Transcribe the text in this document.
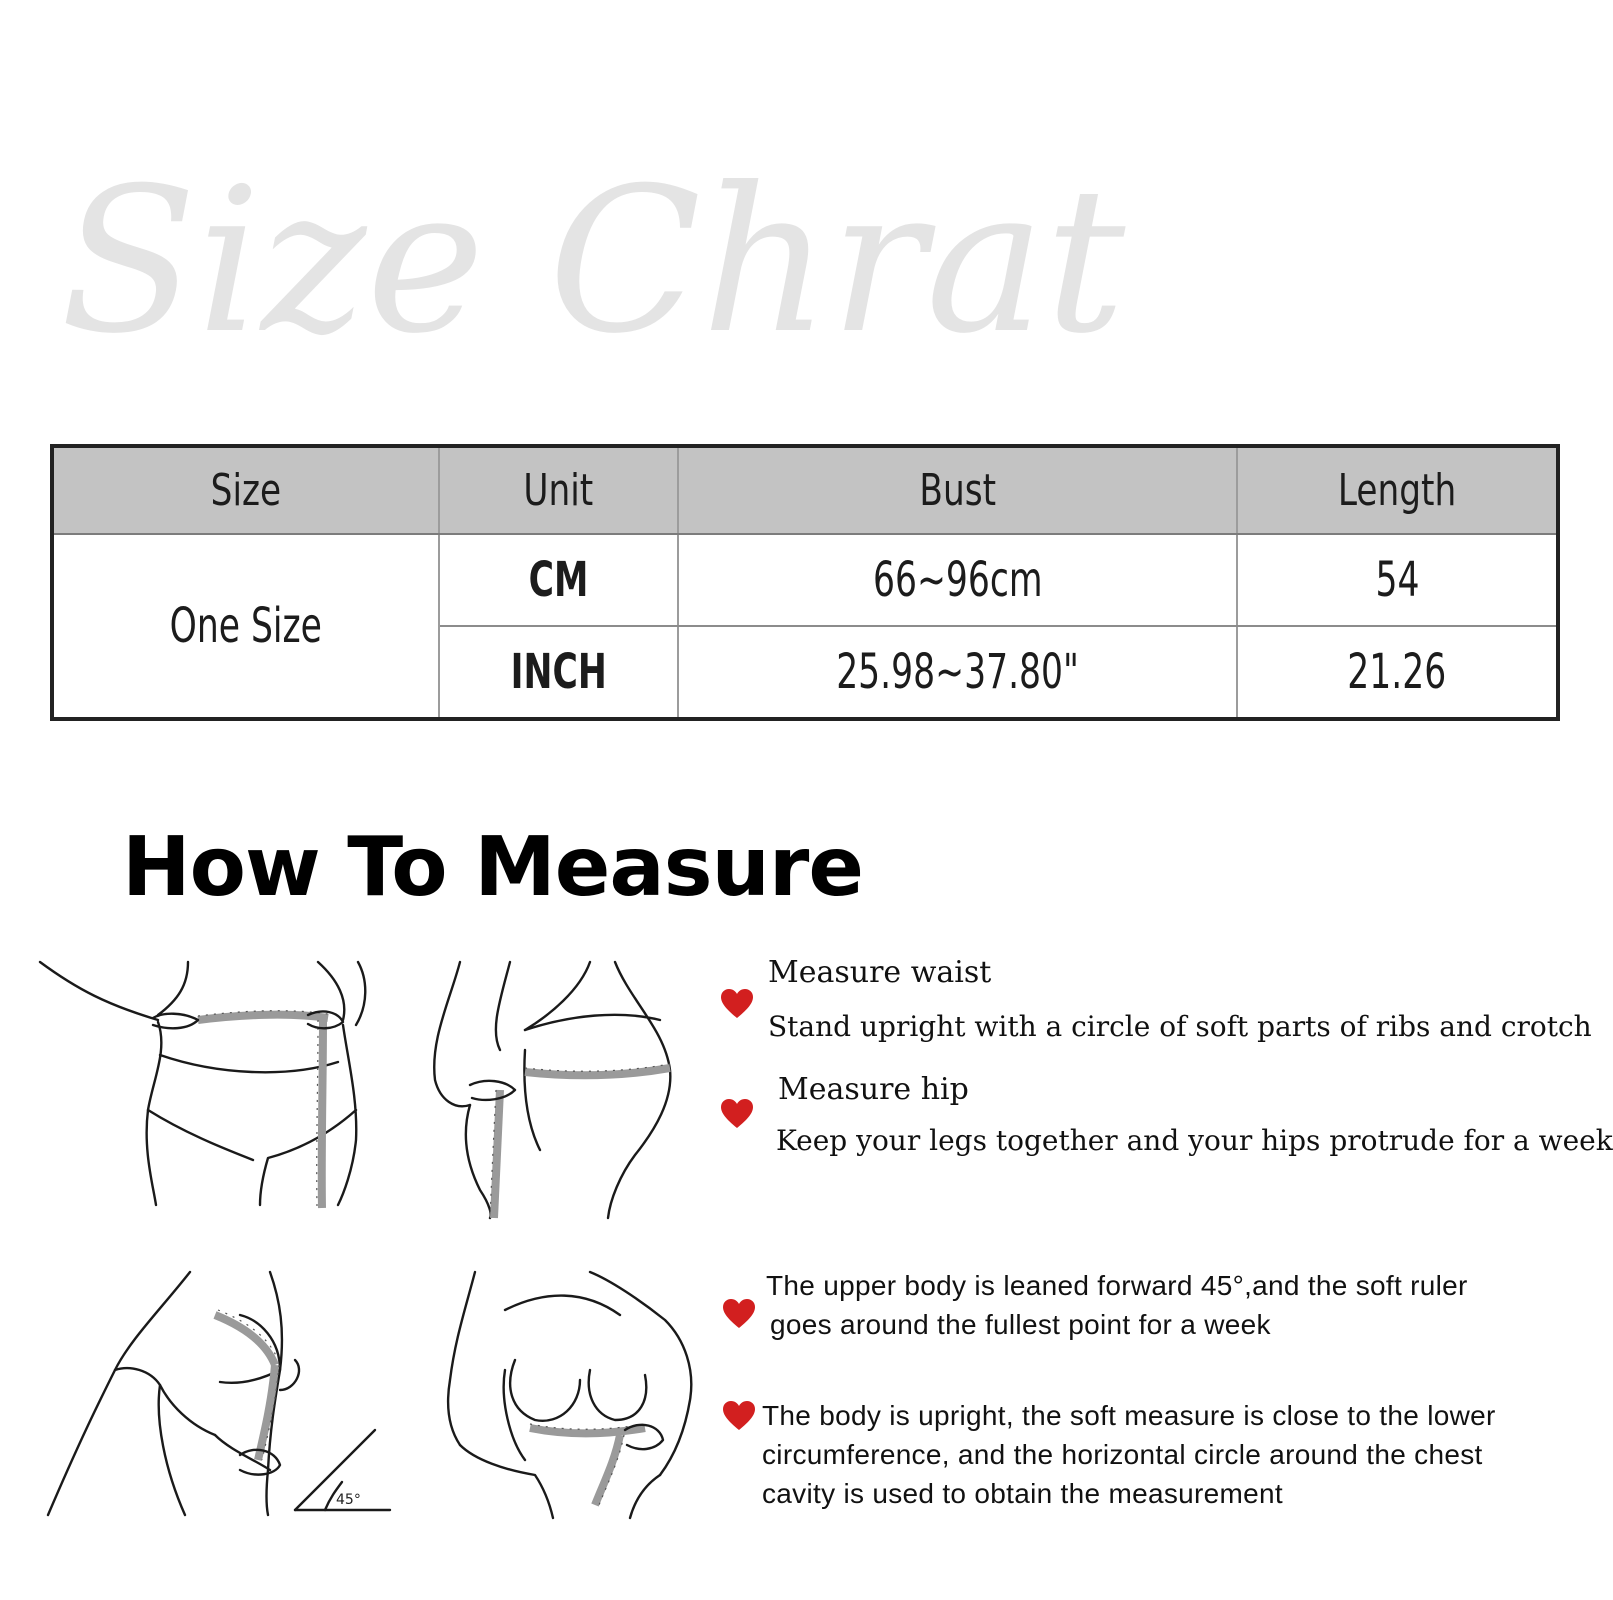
Size Chrat
Size	Unit	Bust	Length
One Size	CM	66~96cm	54
	INCH	25.98~37.80"	21.26
How To Measure
45°

Measure waist

Stand upright with a circle of soft parts of ribs and crotch

Measure hip

Keep your legs together and your hips protrude for a week

The upper body is leaned forward 45°,and the soft ruler
goes around the fullest point for a week
The body is upright, the soft measure is close to the lower
circumference, and the horizontal circle around the chest
cavity is used to obtain the measurement
